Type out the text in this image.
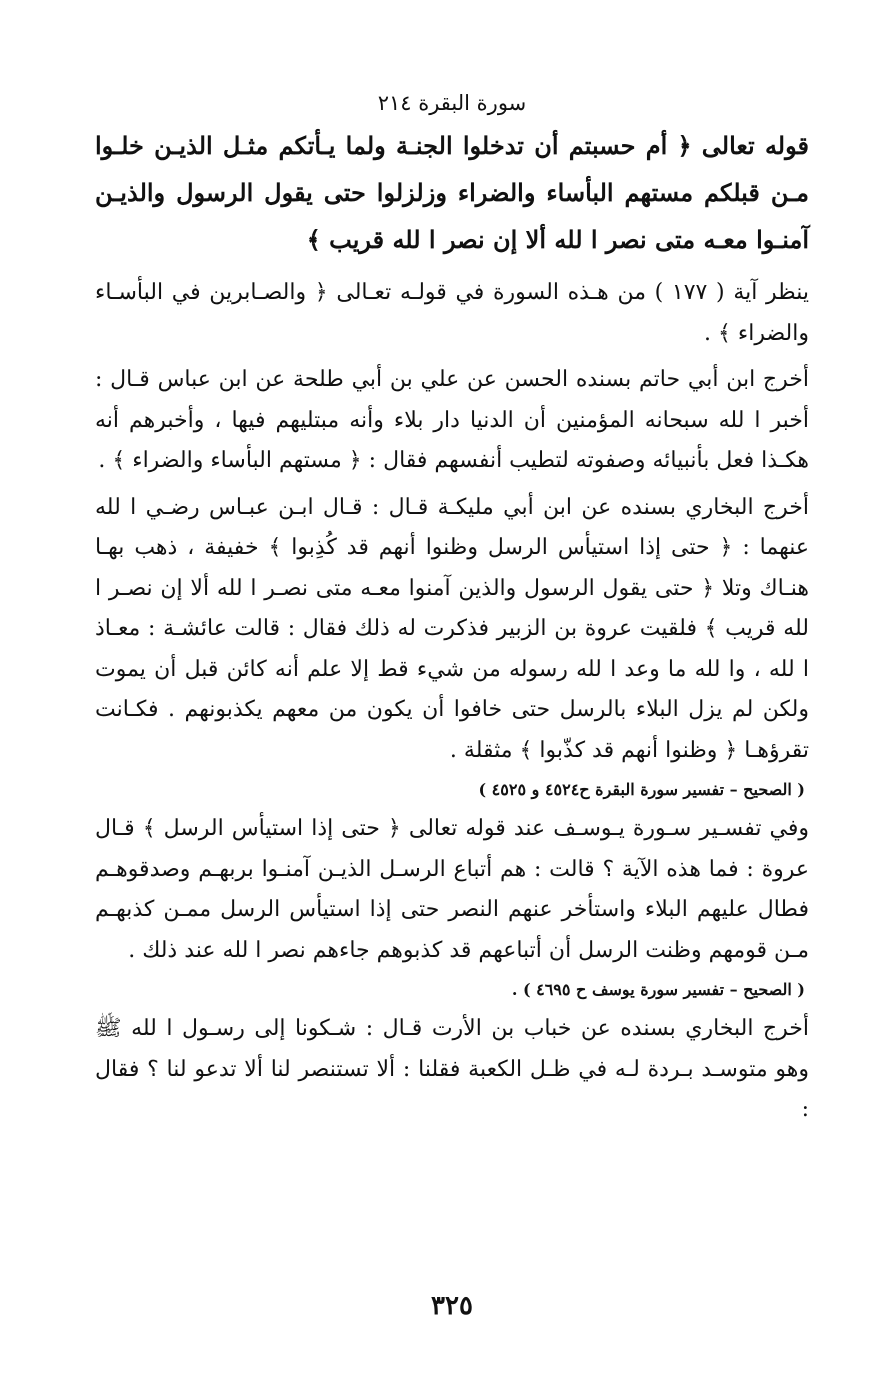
سورة البقرة ٢١٤
قوله تعالى ﴿ أم حسبتم أن تدخلوا الجنـة ولما يـأتكم مثـل الذيـن خلـوا مـن قبلكم مستهم البأساء والضراء وزلزلوا حتى يقول الرسول والذيـن آمنـوا معـه متى نصر ا لله ألا إن نصر ا لله قريب ﴾

ينظر آية ( ١٧٧ ) من هـذه السورة في قولـه تعـالى ﴿ والصـابرين في البأسـاء والضراء ﴾ .

أخرج ابن أبي حاتم بسنده الحسن عن علي بن أبي طلحة عن ابن عباس قـال : أخبر ا لله سبحانه المؤمنين أن الدنيا دار بلاء وأنه مبتليهم فيها ، وأخبرهم أنه هكـذا فعل بأنبيائه وصفوته لتطيب أنفسهم فقال : ﴿ مستهم البأساء والضراء ﴾ .

أخرج البخاري بسنده عن ابن أبي مليكـة قـال : قـال ابـن عبـاس رضـي ا لله عنهما : ﴿ حتى إذا استيأس الرسل وظنوا أنهم قد كُذِبوا ﴾ خفيفة ، ذهب بهـا هنـاك وتلا ﴿ حتى يقول الرسول والذين آمنوا معـه متى نصـر ا لله ألا إن نصـر ا لله قريب ﴾ فلقيت عروة بن الزبير فذكرت له ذلك فقال : قالت عائشـة : معـاذ ا لله ، وا لله ما وعد ا لله رسوله من شيء قط إلا علم أنه كائن قبل أن يموت ولكن لم يزل البلاء بالرسل حتى خافوا أن يكون من معهم يكذبونهم . فكـانت تقرؤهـا ﴿ وظنوا أنهم قد كذّبوا ﴾ مثقلة .

( الصحيح – تفسير سورة البقرة ح٤٥٢٤ و ٤٥٢٥ )

وفي تفسـير سـورة يـوسـف عند قوله تعالى ﴿ حتى إذا استيأس الرسل ﴾ قـال عروة : فما هذه الآية ؟ قالت : هم أتباع الرسـل الذيـن آمنـوا بربهـم وصدقوهـم فطال عليهم البلاء واستأخر عنهم النصر حتى إذا استيأس الرسل ممـن كذبهـم مـن قومهم وظنت الرسل أن أتباعهم قد كذبوهم جاءهم نصر ا لله عند ذلك .

( الصحيح – تفسير سورة يوسف ح ٤٦٩٥ ) .

أخرج البخاري بسنده عن خباب بن الأرت قـال : شـكونا إلى رسـول ا لله ﷺ وهو متوسـد بـردة لـه في ظـل الكعبة فقلنا : ألا تستنصر لنا ألا تدعو لنا ؟ فقال :

٣٢٥
